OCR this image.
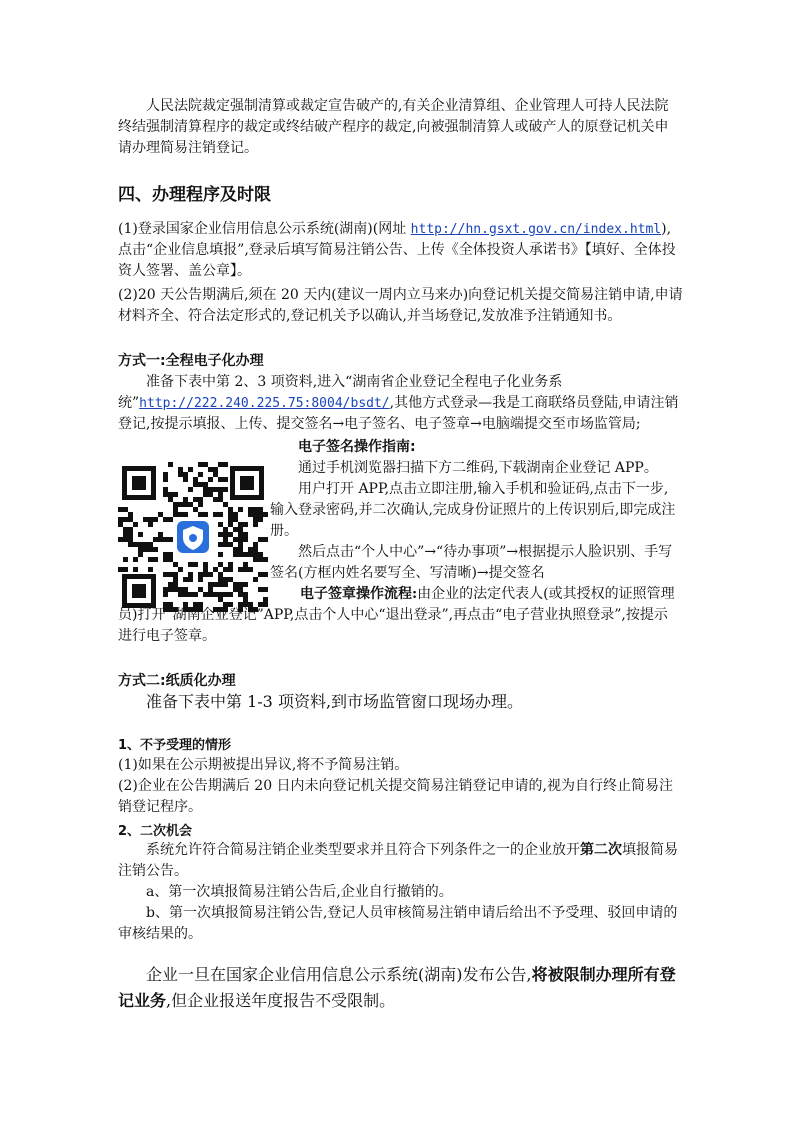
人民法院裁定强制清算或裁定宣告破产的,有关企业清算组、企业管理人可持人民法院终结强制清算程序的裁定或终结破产程序的裁定,向被强制清算人或破产人的原登记机关申请办理简易注销登记。

四、办理程序及时限

(1)登录国家企业信用信息公示系统(湖南)(网址 http://hn.gsxt.gov.cn/index.html),点击“企业信息填报”,登录后填写简易注销公告、上传《全体投资人承诺书》【填好、全体投资人签署、盖公章】。

(2)20 天公告期满后,须在 20 天内(建议一周内立马来办)向登记机关提交简易注销申请,申请材料齐全、符合法定形式的,登记机关予以确认,并当场登记,发放准予注销通知书。

方式一:全程电子化办理

准备下表中第 2、3 项资料,进入“湖南省企业登记全程电子化业务系统”http://222.240.225.75:8004/bsdt/,其他方式登录—我是工商联络员登陆,申请注销登记,按提示填报、上传、提交签名→电子签名、电子签章→电脑端提交至市场监管局;

电子签名操作指南:

通过手机浏览器扫描下方二维码,下载湖南企业登记 APP。

用户打开 APP,点击立即注册,输入手机和验证码,点击下一步,输入登录密码,并二次确认,完成身份证照片的上传识别后,即完成注册。

然后点击“个人中心”→“待办事项”→根据提示人脸识别、手写签名(方框内姓名要写全、写清晰)→提交签名

电子签章操作流程:由企业的法定代表人(或其授权的证照管理员)打开“湖南企业登记”APP,点击个人中心“退出登录”,再点击“电子营业执照登录”,按提示进行电子签章。

方式二:纸质化办理

准备下表中第 1-3 项资料,到市场监管窗口现场办理。

1、不予受理的情形

(1)如果在公示期被提出异议,将不予简易注销。

(2)企业在公告期满后 20 日内未向登记机关提交简易注销登记申请的,视为自行终止简易注销登记程序。

2、二次机会

系统允许符合简易注销企业类型要求并且符合下列条件之一的企业放开第二次填报简易注销公告。

a、第一次填报简易注销公告后,企业自行撤销的。

b、第一次填报简易注销公告,登记人员审核简易注销申请后给出不予受理、驳回申请的审核结果的。

企业一旦在国家企业信用信息公示系统(湖南)发布公告,将被限制办理所有登记业务,但企业报送年度报告不受限制。
